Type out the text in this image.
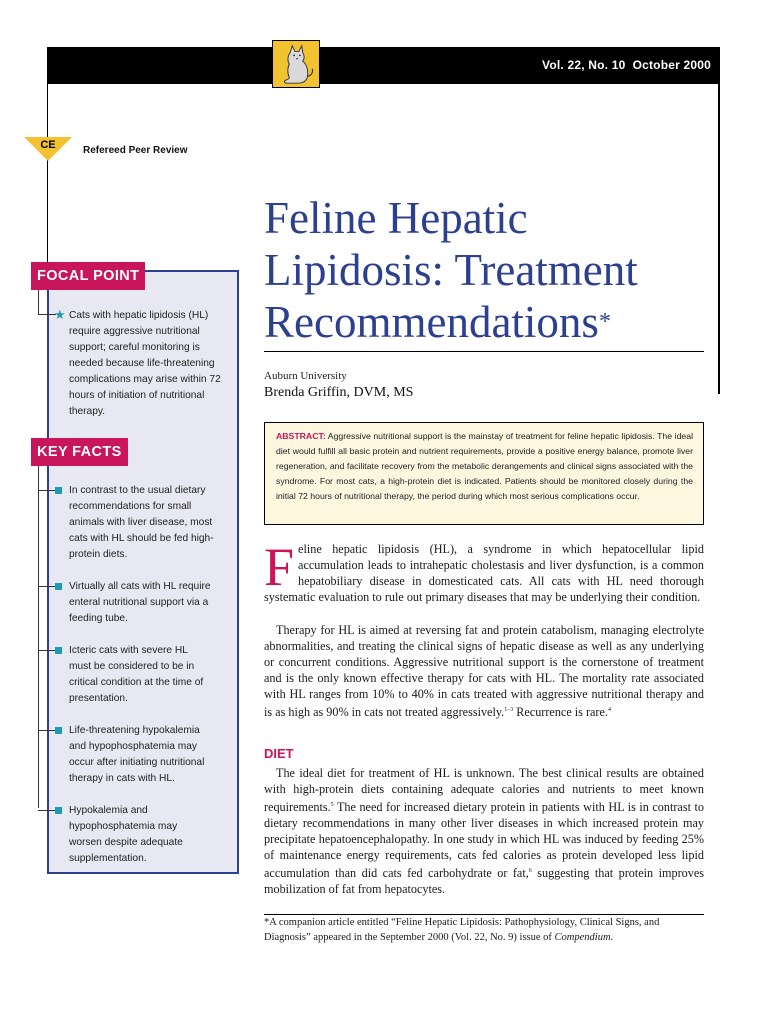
Vol. 22, No. 10 October 2000
CE	Refereed Peer Review
Feline Hepatic
Lipidosis: Treatment
Recommendations*
Auburn University
Brenda Griffin, DVM, MS
ABSTRACT: Aggressive nutritional support is the mainstay of treatment for feline hepatic lipidosis. The ideal diet would fulfill all basic protein and nutrient requirements, provide a positive energy balance, promote liver regeneration, and facilitate recovery from the metabolic derangements and clinical signs associated with the syndrome. For most cats, a high-protein diet is indicated. Patients should be monitored closely during the initial 72 hours of nutritional therapy, the period during which most serious complications occur.
FOCAL POINT
★ Cats with hepatic lipidosis (HL) require aggressive nutritional support; careful monitoring is needed because life-threatening complications may arise within 72 hours of initiation of nutritional therapy.
KEY FACTS
In contrast to the usual dietary recommendations for small animals with liver disease, most cats with HL should be fed high-protein diets.
Virtually all cats with HL require enteral nutritional support via a feeding tube.
Icteric cats with severe HL must be considered to be in critical condition at the time of presentation.
Life-threatening hypokalemia and hypophosphatemia may occur after initiating nutritional therapy in cats with HL.
Hypokalemia and hypophosphatemia may worsen despite adequate supplementation.
Feline hepatic lipidosis (HL), a syndrome in which hepatocellular lipid accumulation leads to intrahepatic cholestasis and liver dysfunction, is a common hepatobiliary disease in domesticated cats. All cats with HL need thorough systematic evaluation to rule out primary diseases that may be underlying their condition.
Therapy for HL is aimed at reversing fat and protein catabolism, managing electrolyte abnormalities, and treating the clinical signs of hepatic disease as well as any underlying or concurrent conditions. Aggressive nutritional support is the cornerstone of treatment and is the only known effective therapy for cats with HL. The mortality rate associated with HL ranges from 10% to 40% in cats treated with aggressive nutritional therapy and is as high as 90% in cats not treated aggressively.$^{1-3}$ Recurrence is rare.$^4$
DIET
The ideal diet for treatment of HL is unknown. The best clinical results are obtained with high-protein diets containing adequate calories and nutrients to meet known requirements.$^5$ The need for increased dietary protein in patients with HL is in contrast to dietary recommendations in many other liver diseases in which increased protein may precipitate hepatoencephalopathy. In one study in which HL was induced by feeding 25% of maintenance energy requirements, cats fed calories as protein developed less lipid accumulation than did cats fed carbohydrate or fat,$^6$ suggesting that protein improves mobilization of fat from hepatocytes.
*A companion article entitled “Feline Hepatic Lipidosis: Pathophysiology, Clinical Signs, and Diagnosis” appeared in the September 2000 (Vol. 22, No. 9) issue of Compendium.
